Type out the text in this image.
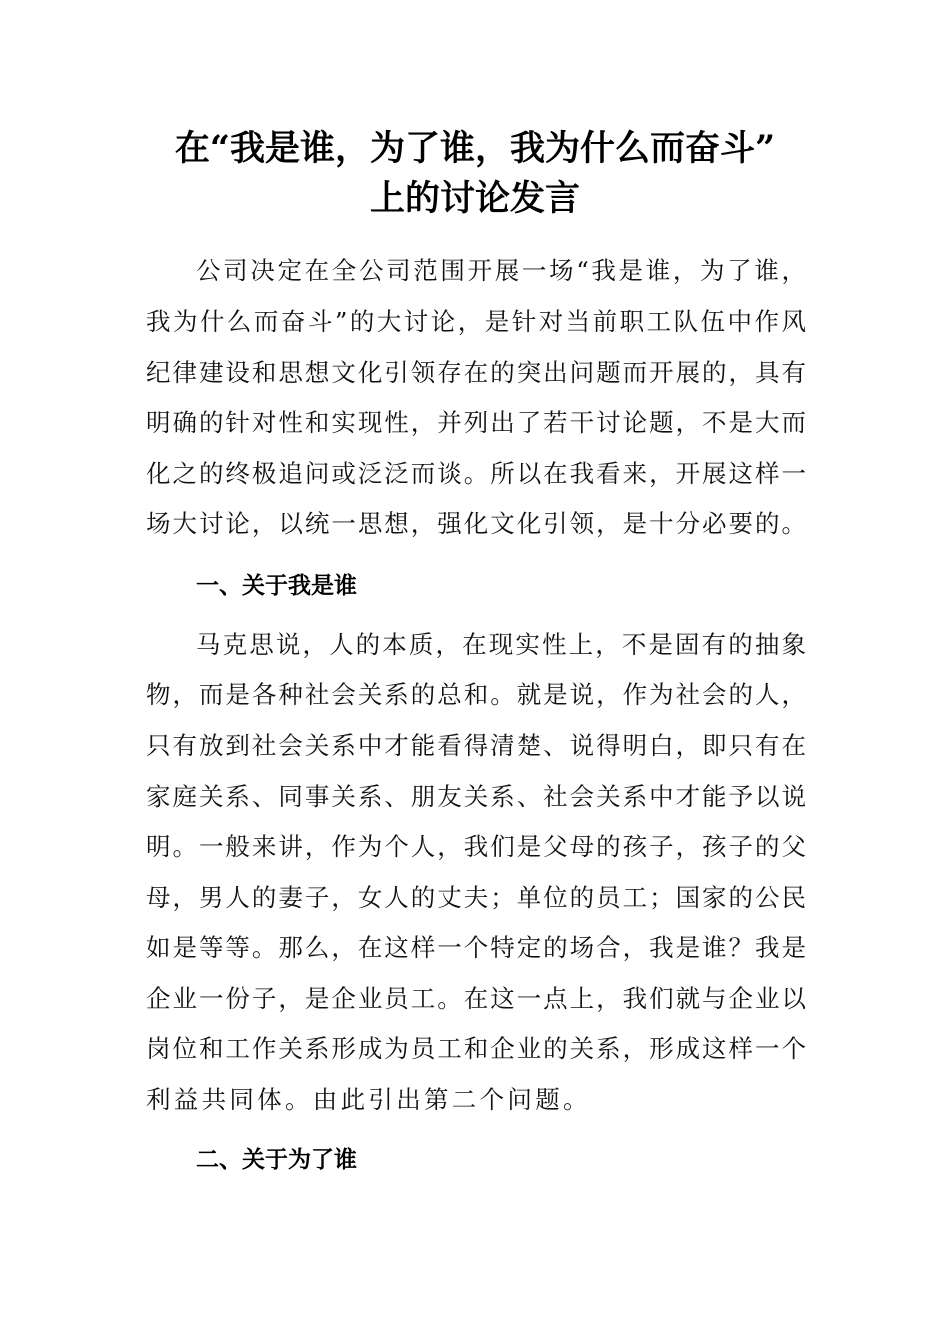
在“我是谁，为了谁，我为什么而奋斗”
上的讨论发言
公司决定在全公司范围开展一场“我是谁，为了谁，
我为什么而奋斗”的大讨论，是针对当前职工队伍中作风
纪律建设和思想文化引领存在的突出问题而开展的，具有
明确的针对性和实现性，并列出了若干讨论题，不是大而
化之的终极追问或泛泛而谈。所以在我看来，开展这样一
场大讨论，以统一思想，强化文化引领，是十分必要的。
一、关于我是谁
马克思说，人的本质，在现实性上，不是固有的抽象
物，而是各种社会关系的总和。就是说，作为社会的人，
只有放到社会关系中才能看得清楚、说得明白，即只有在
家庭关系、同事关系、朋友关系、社会关系中才能予以说
明。一般来讲，作为个人，我们是父母的孩子，孩子的父
母，男人的妻子，女人的丈夫；单位的员工；国家的公民
如是等等。那么，在这样一个特定的场合，我是谁？我是
企业一份子，是企业员工。在这一点上，我们就与企业以
岗位和工作关系形成为员工和企业的关系，形成这样一个
利益共同体。由此引出第二个问题。
二、关于为了谁
